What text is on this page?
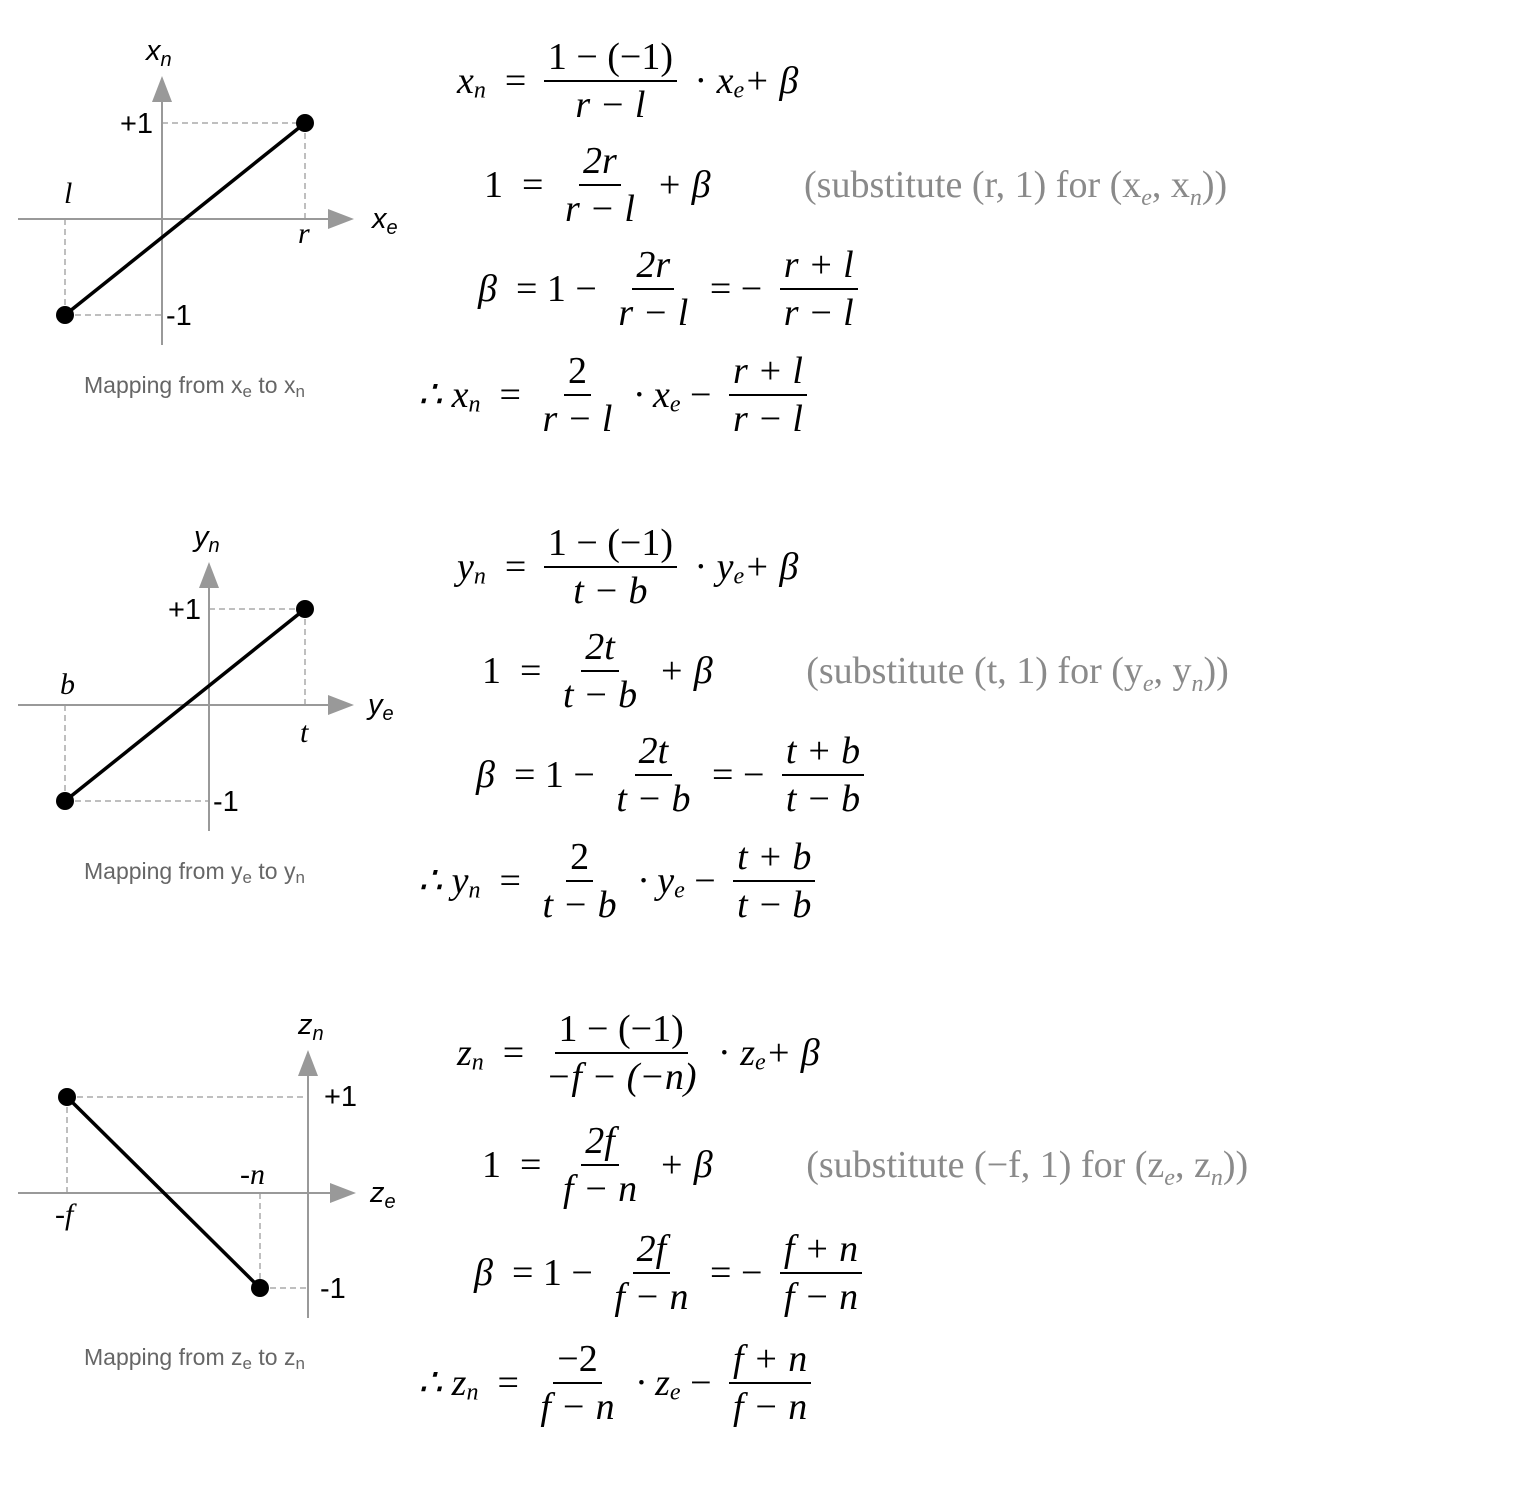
$x_n$
$x_e$
+1
-1
l
r
Mapping from $x_e$ to $x_n$
$x_n = \frac{1 - (-1)}{r - l} \cdot x_e+ \beta$
$1 = \frac{2r}{r - l} + \beta$ (substitute (r, 1) for ($x_e$, $x_n$))
$\beta = 1 - \frac{2r}{r - l}$ = − $\frac{r + l}{r - l}$
∴ $x_n = \frac{2}{r - l} \cdot x_e - \frac{r + l}{r - l}$
$y_n$
$y_e$
+1
-1
b
t
Mapping from $y_e$ to $y_n$
$y_n = \frac{1 - (-1)}{t - b} \cdot y_e+ \beta$
$1 = \frac{2t}{t - b} + \beta$ (substitute (t, 1) for ($y_e$, $y_n$))
$\beta = 1 - \frac{2t}{t - b}$ = − $\frac{t + b}{t - b}$
∴ $y_n = \frac{2}{t - b} \cdot y_e - \frac{t + b}{t - b}$
$z_n$
$z_e$
+1
-1
-f
-n
Mapping from $z_e$ to $z_n$
$z_n = \frac{1 - (-1)}{-f - (-n)} \cdot z_e+ \beta$
$1 = \frac{2f}{f - n} + \beta$ (substitute (−f, 1) for ($z_e$, $z_n$))
$\beta = 1 - \frac{2f}{f - n}$ = − $\frac{f + n}{f - n}$
∴ $z_n = \frac{-2}{f - n} \cdot z_e - \frac{f + n}{f - n}$
